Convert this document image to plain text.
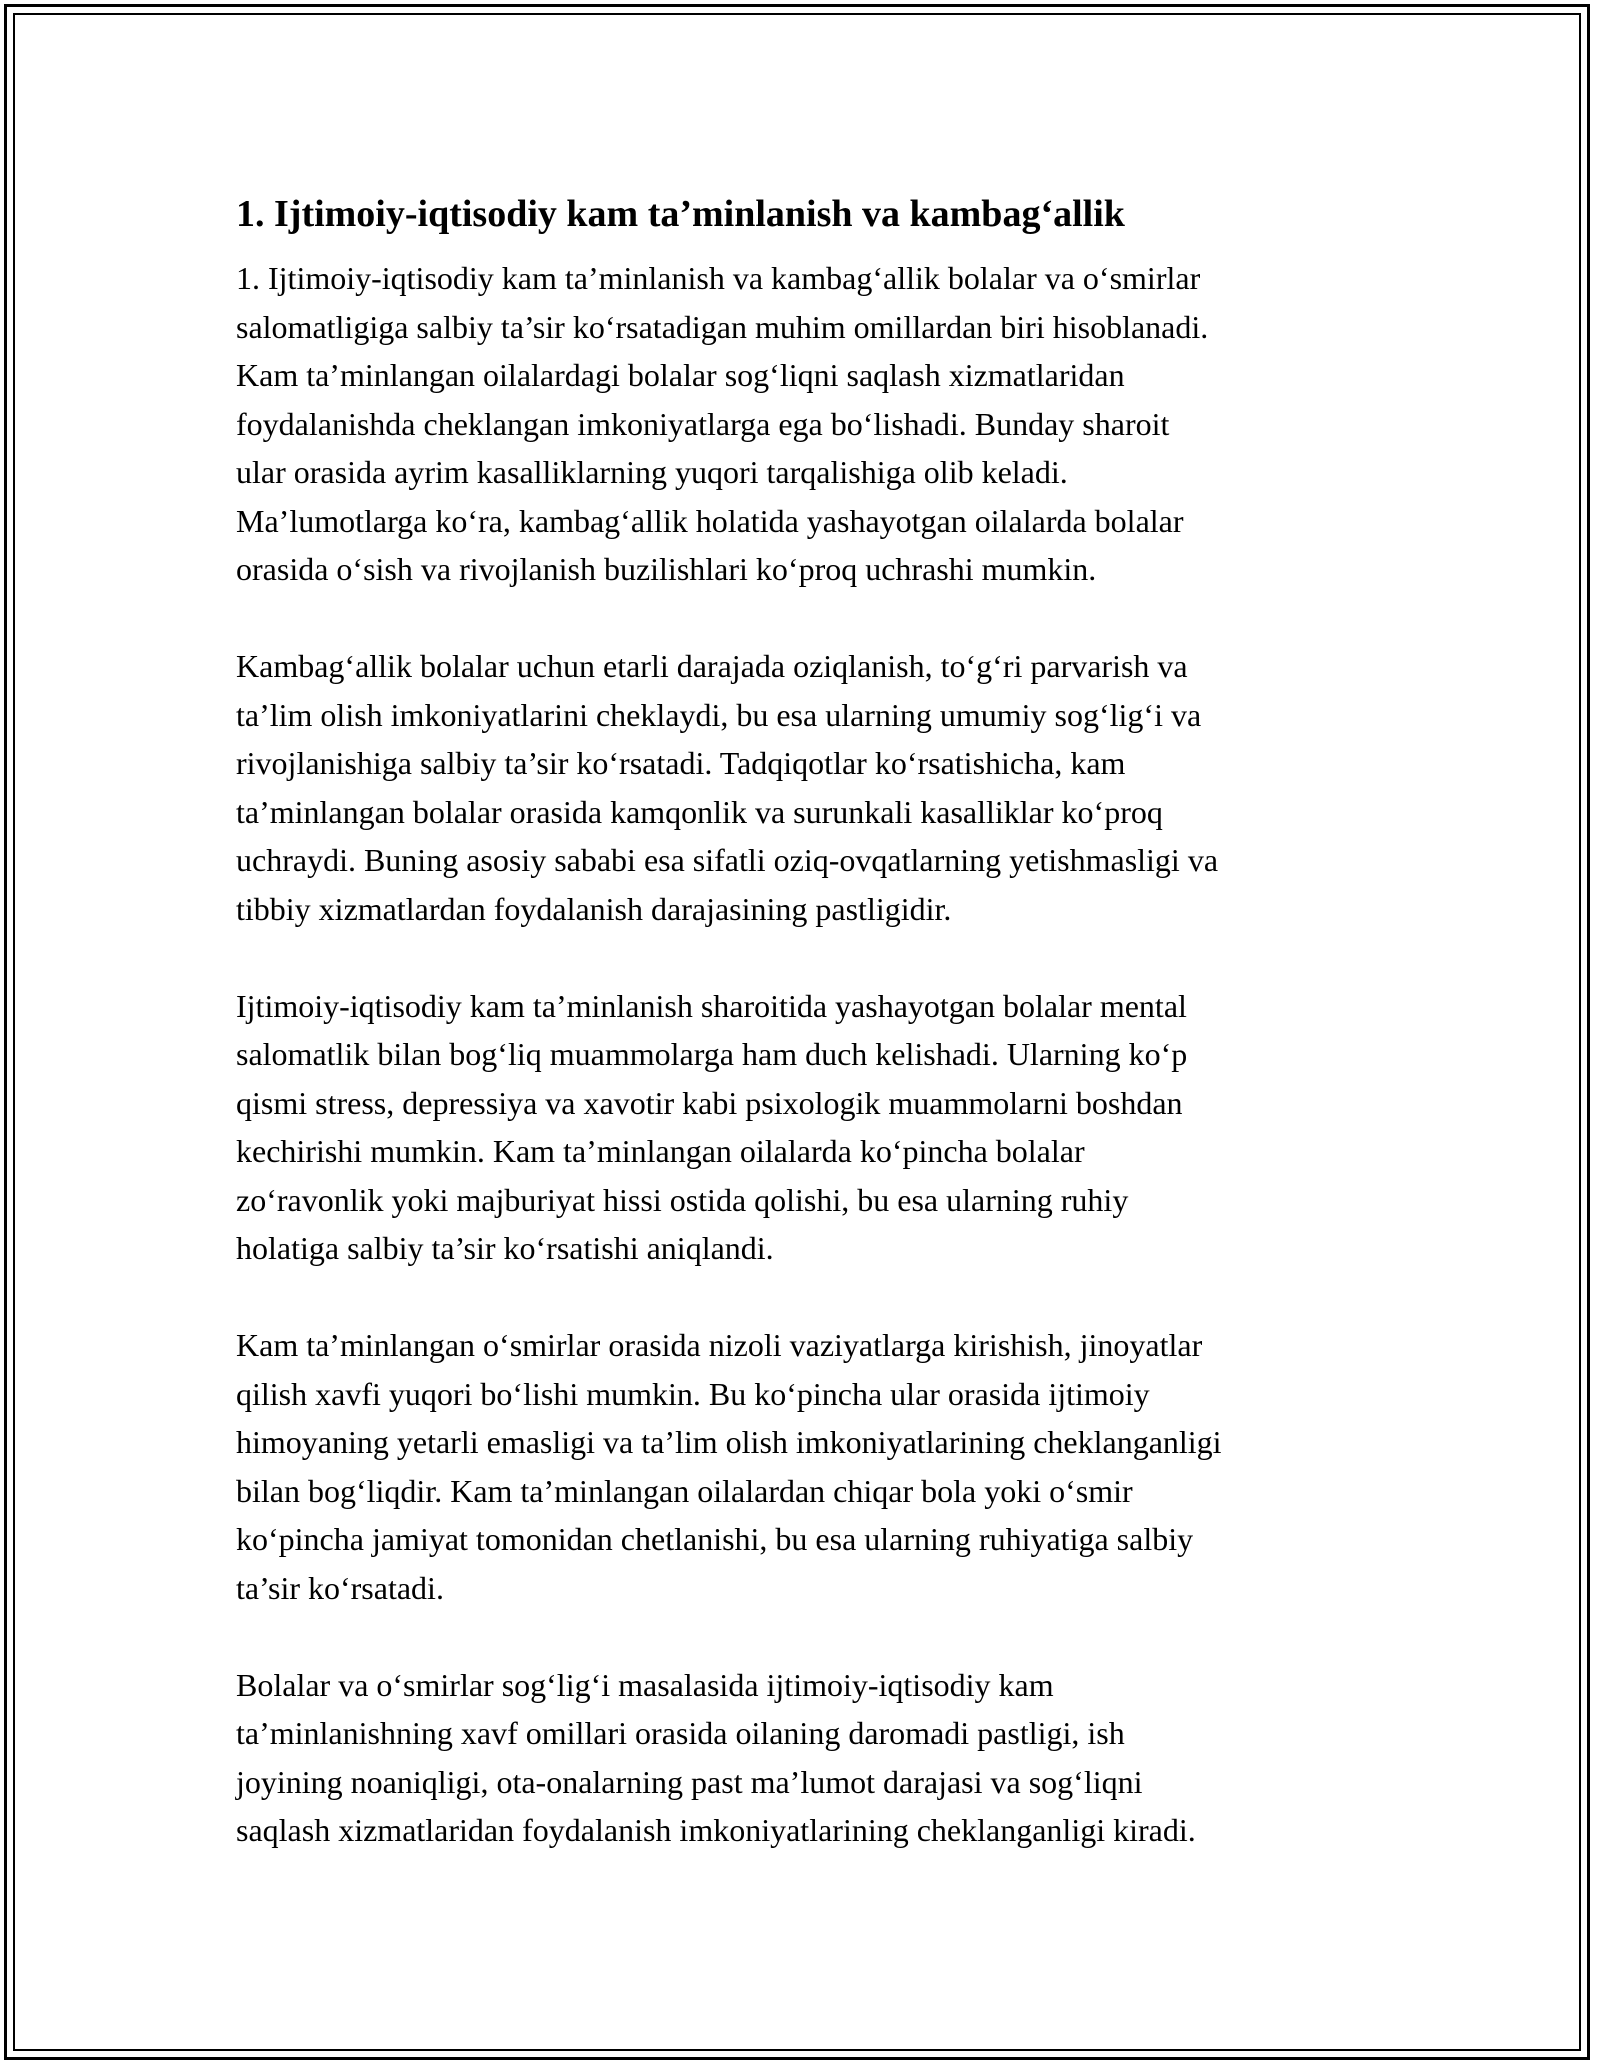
1. Ijtimoiy-iqtisodiy kam ta’minlanish va kambag‘allik
1. Ijtimoiy-iqtisodiy kam ta’minlanish va kambag‘allik bolalar va o‘smirlar
salomatligiga salbiy ta’sir ko‘rsatadigan muhim omillardan biri hisoblanadi.
Kam ta’minlangan oilalardagi bolalar sog‘liqni saqlash xizmatlaridan
foydalanishda cheklangan imkoniyatlarga ega bo‘lishadi. Bunday sharoit
ular orasida ayrim kasalliklarning yuqori tarqalishiga olib keladi.
Ma’lumotlarga ko‘ra, kambag‘allik holatida yashayotgan oilalarda bolalar
orasida o‘sish va rivojlanish buzilishlari ko‘proq uchrashi mumkin.
Kambag‘allik bolalar uchun etarli darajada oziqlanish, to‘g‘ri parvarish va
ta’lim olish imkoniyatlarini cheklaydi, bu esa ularning umumiy sog‘lig‘i va
rivojlanishiga salbiy ta’sir ko‘rsatadi. Tadqiqotlar ko‘rsatishicha, kam
ta’minlangan bolalar orasida kamqonlik va surunkali kasalliklar ko‘proq
uchraydi. Buning asosiy sababi esa sifatli oziq-ovqatlarning yetishmasligi va
tibbiy xizmatlardan foydalanish darajasining pastligidir.
Ijtimoiy-iqtisodiy kam ta’minlanish sharoitida yashayotgan bolalar mental
salomatlik bilan bog‘liq muammolarga ham duch kelishadi. Ularning ko‘p
qismi stress, depressiya va xavotir kabi psixologik muammolarni boshdan
kechirishi mumkin. Kam ta’minlangan oilalarda ko‘pincha bolalar
zo‘ravonlik yoki majburiyat hissi ostida qolishi, bu esa ularning ruhiy
holatiga salbiy ta’sir ko‘rsatishi aniqlandi.
Kam ta’minlangan o‘smirlar orasida nizoli vaziyatlarga kirishish, jinoyatlar
qilish xavfi yuqori bo‘lishi mumkin. Bu ko‘pincha ular orasida ijtimoiy
himoyaning yetarli emasligi va ta’lim olish imkoniyatlarining cheklanganligi
bilan bog‘liqdir. Kam ta’minlangan oilalardan chiqar bola yoki o‘smir
ko‘pincha jamiyat tomonidan chetlanishi, bu esa ularning ruhiyatiga salbiy
ta’sir ko‘rsatadi.
Bolalar va o‘smirlar sog‘lig‘i masalasida ijtimoiy-iqtisodiy kam
ta’minlanishning xavf omillari orasida oilaning daromadi pastligi, ish
joyining noaniqligi, ota-onalarning past ma’lumot darajasi va sog‘liqni
saqlash xizmatlaridan foydalanish imkoniyatlarining cheklanganligi kiradi.
